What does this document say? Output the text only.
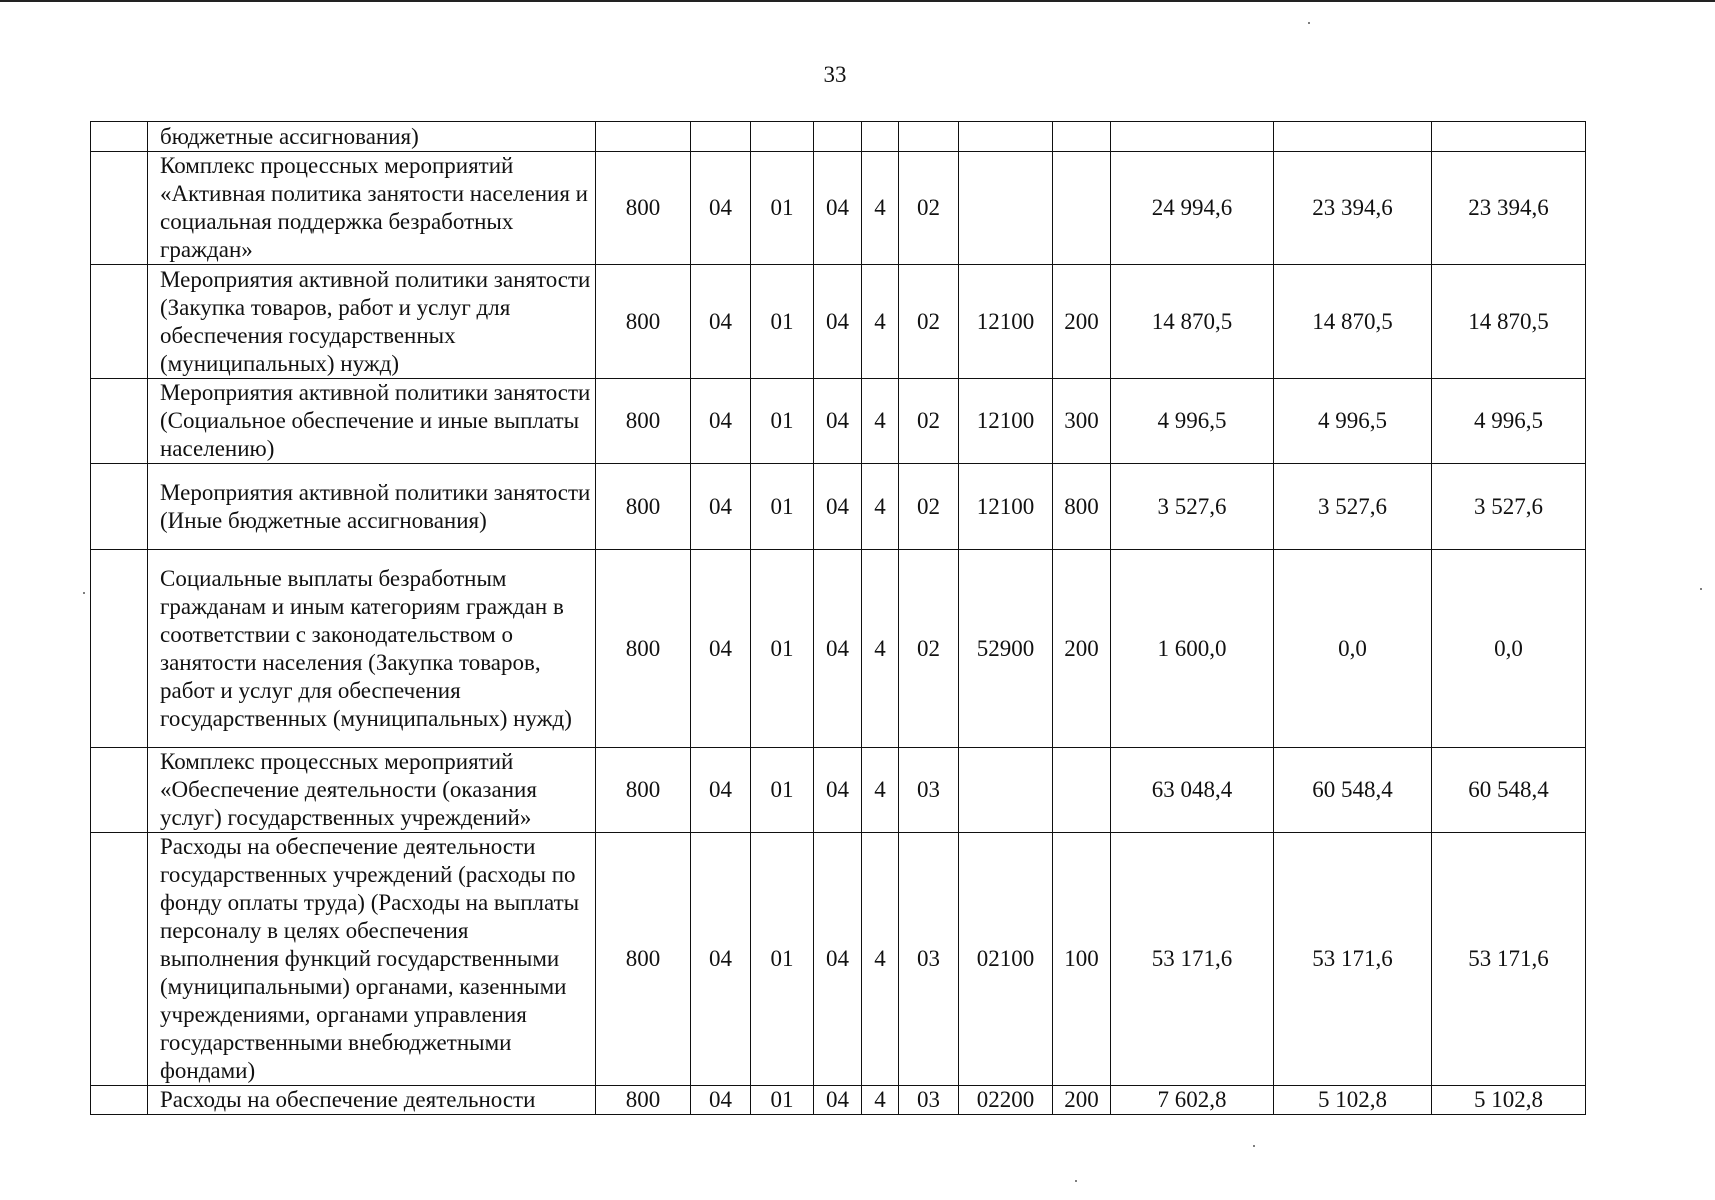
33
	бюджетные ассигнования)											
	Комплекс процессных мероприятий «Активная политика занятости населения и социальная поддержка безработных граждан»	800	04	01	04	4	02			24 994,6	23 394,6	23 394,6
	Мероприятия активной политики занятости (Закупка товаров, работ и услуг для обеспечения государственных (муниципальных) нужд)	800	04	01	04	4	02	12100	200	14 870,5	14 870,5	14 870,5
	Мероприятия активной политики занятости (Социальное обеспечение и иные выплаты населению)	800	04	01	04	4	02	12100	300	4 996,5	4 996,5	4 996,5
	Мероприятия активной политики занятости (Иные бюджетные ассигнования)	800	04	01	04	4	02	12100	800	3 527,6	3 527,6	3 527,6
	Социальные выплаты безработным гражданам и иным категориям граждан в соответствии с законодательством о занятости населения (Закупка товаров, работ и услуг для обеспечения государственных (муниципальных) нужд)	800	04	01	04	4	02	52900	200	1 600,0	0,0	0,0
	Комплекс процессных мероприятий «Обеспечение деятельности (оказания услуг) государственных учреждений»	800	04	01	04	4	03			63 048,4	60 548,4	60 548,4
	Расходы на обеспечение деятельности государственных учреждений (расходы по фонду оплаты труда) (Расходы на выплаты персоналу в целях обеспечения выполнения функций государственными (муниципальными) органами, казенными учреждениями, органами управления государственными внебюджетными фондами)	800	04	01	04	4	03	02100	100	53 171,6	53 171,6	53 171,6
	Расходы на обеспечение деятельности	800	04	01	04	4	03	02200	200	7 602,8	5 102,8	5 102,8
